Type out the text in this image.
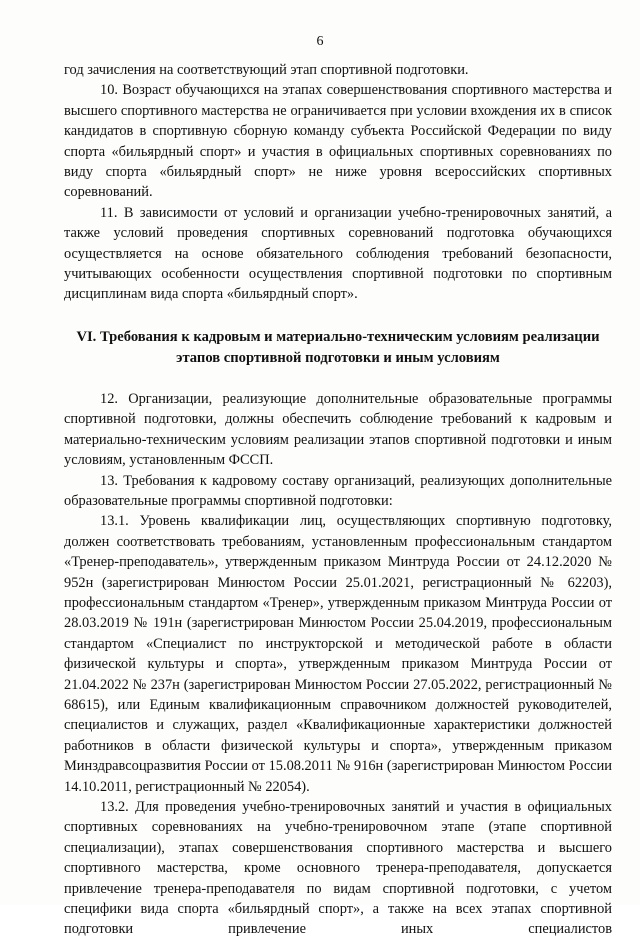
6

год зачисления на соответствующий этап спортивной подготовки.

10. Возраст обучающихся на этапах совершенствования спортивного мастерства и высшего спортивного мастерства не ограничивается при условии вхождения их в список кандидатов в спортивную сборную команду субъекта Российской Федерации по виду спорта «бильярдный спорт» и участия в официальных спортивных соревнованиях по виду спорта «бильярдный спорт» не ниже уровня всероссийских спортивных соревнований.

11. В зависимости от условий и организации учебно-тренировочных занятий, а также условий проведения спортивных соревнований подготовка обучающихся осуществляется на основе обязательного соблюдения требований безопасности, учитывающих особенности осуществления спортивной подготовки по спортивным дисциплинам вида спорта «бильярдный спорт».

VI. Требования к кадровым и материально-техническим условиям реализации этапов спортивной подготовки и иным условиям

12. Организации, реализующие дополнительные образовательные программы спортивной подготовки, должны обеспечить соблюдение требований к кадровым и материально-техническим условиям реализации этапов спортивной подготовки и иным условиям, установленным ФССП.

13. Требования к кадровому составу организаций, реализующих дополнительные образовательные программы спортивной подготовки:

13.1. Уровень квалификации лиц, осуществляющих спортивную подготовку, должен соответствовать требованиям, установленным профессиональным стандартом «Тренер-преподаватель», утвержденным приказом Минтруда России от 24.12.2020 № 952н (зарегистрирован Минюстом России 25.01.2021, регистрационный № 62203), профессиональным стандартом «Тренер», утвержденным приказом Минтруда России от 28.03.2019 № 191н (зарегистрирован Минюстом России 25.04.2019, профессиональным стандартом «Специалист по инструкторской и методической работе в области физической культуры и спорта», утвержденным приказом Минтруда России от 21.04.2022 № 237н (зарегистрирован Минюстом России 27.05.2022, регистрационный № 68615), или Единым квалификационным справочником должностей руководителей, специалистов и служащих, раздел «Квалификационные характеристики должностей работников в области физической культуры и спорта», утвержденным приказом Минздравсоцразвития России от 15.08.2011 № 916н (зарегистрирован Минюстом России 14.10.2011, регистрационный № 22054).

13.2. Для проведения учебно-тренировочных занятий и участия в официальных спортивных соревнованиях на учебно-тренировочном этапе (этапе спортивной специализации), этапах совершенствования спортивного мастерства и высшего спортивного мастерства, кроме основного тренера-преподавателя, допускается привлечение тренера-преподавателя по видам спортивной подготовки, с учетом специфики вида спорта «бильярдный спорт», а также на всех этапах спортивной подготовки привлечение иных специалистов
